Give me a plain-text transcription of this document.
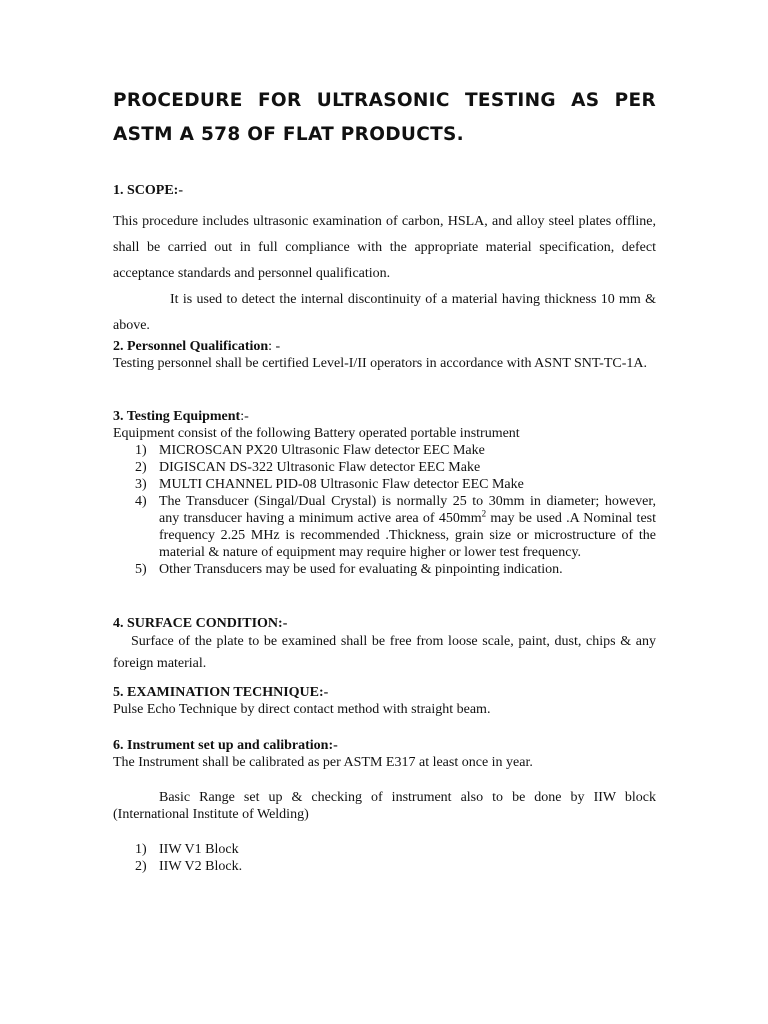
PROCEDURE FOR ULTRASONIC TESTING AS PER
ASTM A 578 OF FLAT PRODUCTS.
1. SCOPE:-

This procedure includes ultrasonic examination of carbon, HSLA, and alloy steel plates offline, shall be carried out in full compliance with the appropriate material specification, defect acceptance standards and personnel qualification.

It is used to detect the internal discontinuity of a material having thickness 10 mm & above.

2. Personnel Qualification: -

Testing personnel shall be certified Level-I/II operators in accordance with ASNT SNT-TC-1A.

3. Testing Equipment:-

Equipment consist of the following Battery operated portable instrument

1) MICROSCAN PX20 Ultrasonic Flaw detector EEC Make
2) DIGISCAN DS-322 Ultrasonic Flaw detector EEC Make
3) MULTI CHANNEL PID-08 Ultrasonic Flaw detector EEC Make
4) The Transducer (Singal/Dual Crystal) is normally 25 to 30mm in diameter; however, any transducer having a minimum active area of $450mm^2$ may be used .A Nominal test frequency 2.25 MHz is recommended .Thickness, grain size or microstructure of the material & nature of equipment may require higher or lower test frequency.
5) Other Transducers may be used for evaluating & pinpointing indication.
4. SURFACE CONDITION:-

Surface of the plate to be examined shall be free from loose scale, paint, dust, chips & any foreign material.

5. EXAMINATION TECHNIQUE:-

Pulse Echo Technique by direct contact method with straight beam.

6. Instrument set up and calibration:-

The Instrument shall be calibrated as per ASTM E317 at least once in year.

Basic Range set up & checking of instrument also to be done by IIW block (International Institute of Welding)

1) IIW V1 Block
2) IIW V2 Block.
